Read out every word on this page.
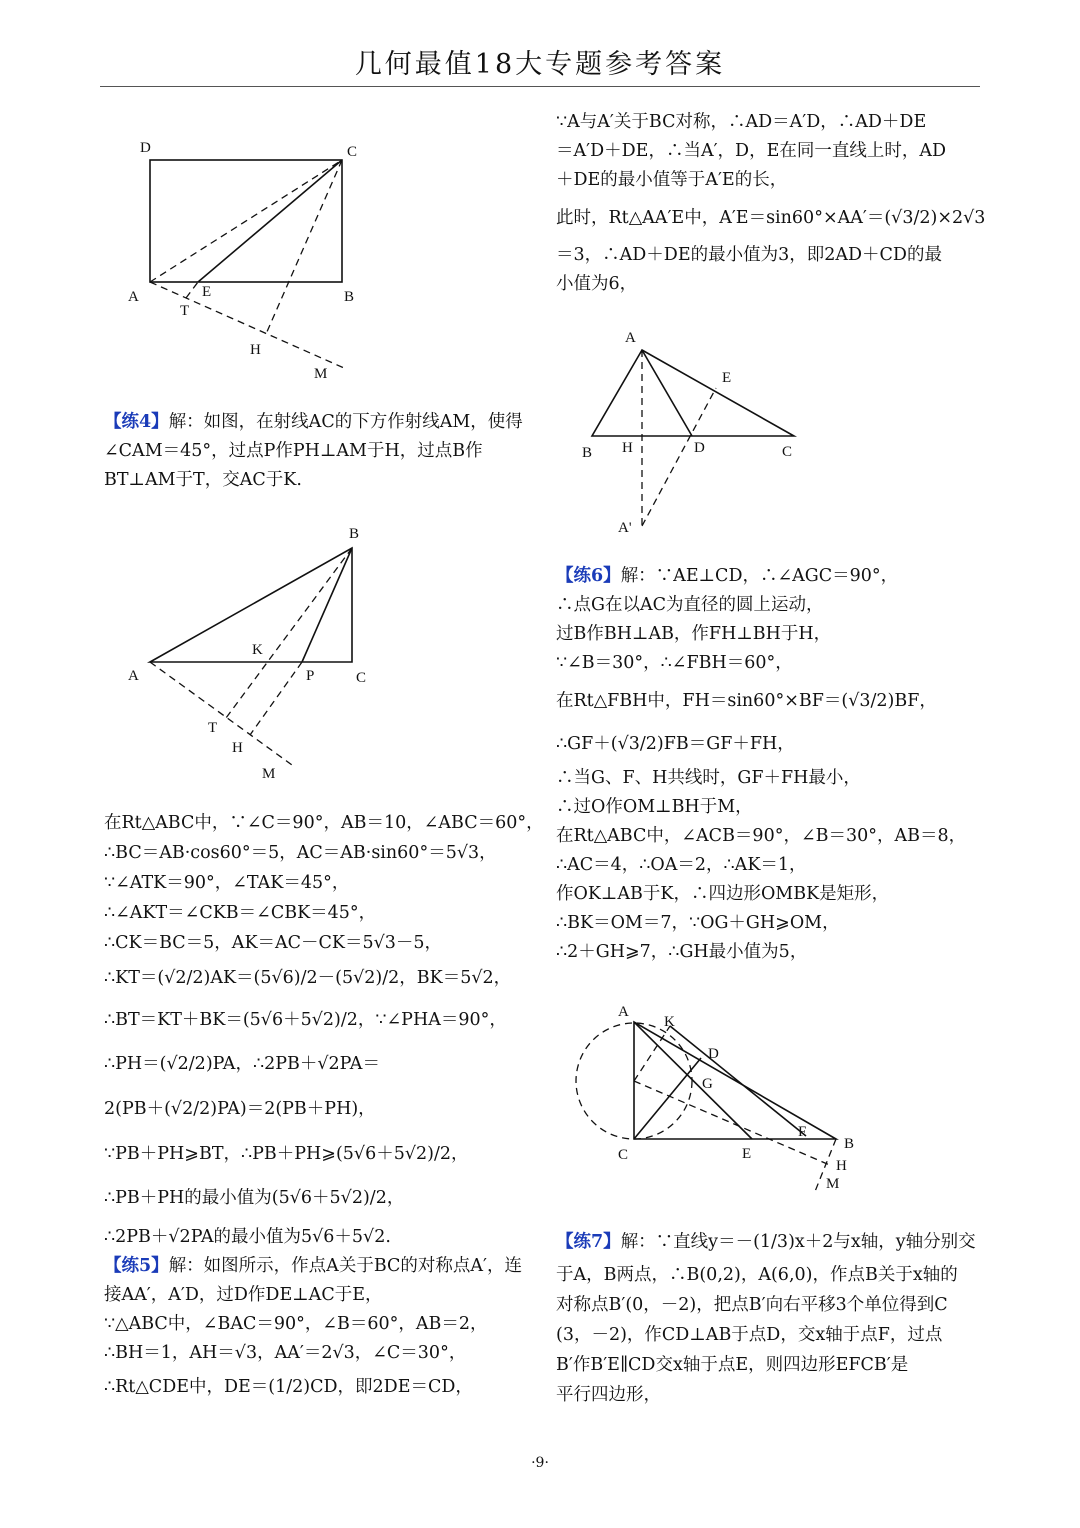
几何最值18大专题参考答案
D	C
A	E	B
T
H
M
【练4】解：如图，在射线AC的下方作射线AM，使得
∠CAM＝45°，过点P作PH⊥AM于H，过点B作
BT⊥AM于T，交AC于K.
B
K
A	P	C
T
H
M
在Rt△ABC中，∵∠C＝90°，AB＝10，∠ABC＝60°，
∴BC＝AB·cos60°＝5，AC＝AB·sin60°＝5√3，
∵∠ATK＝90°，∠TAK＝45°，
∴∠AKT＝∠CKB＝∠CBK＝45°，
∴CK＝BC＝5，AK＝AC－CK＝5√3－5，
∴KT＝(√2/2)AK＝(5√6)/2－(5√2)/2，BK＝5√2，
∴BT＝KT＋BK＝(5√6＋5√2)/2，∵∠PHA＝90°，
∴PH＝(√2/2)PA，∴2PB＋√2PA＝
2(PB＋(√2/2)PA)＝2(PB＋PH)，
∵PB＋PH⩾BT，∴PB＋PH⩾(5√6＋5√2)/2，
∴PB＋PH的最小值为(5√6＋5√2)/2，
∴2PB＋√2PA的最小值为5√6＋5√2.
【练5】解：如图所示，作点A关于BC的对称点A′，连
接AA′，A′D，过D作DE⊥AC于E，
∵△ABC中，∠BAC＝90°，∠B＝60°，AB＝2，
∴BH＝1，AH＝√3，AA′＝2√3，∠C＝30°，
∴Rt△CDE中，DE＝(1/2)CD，即2DE＝CD，
∵A与A′关于BC对称，∴AD＝A′D，∴AD＋DE
＝A′D＋DE，∴当A′，D，E在同一直线上时，AD
＋DE的最小值等于A′E的长，
此时，Rt△AA′E中，A′E＝sin60°×AA′＝(√3/2)×2√3
＝3，∴AD＋DE的最小值为3，即2AD＋CD的最
小值为6，
A
E
B H	D	C
A'
【练6】解：∵AE⊥CD，∴∠AGC＝90°，
∴点G在以AC为直径的圆上运动，
过B作BH⊥AB，作FH⊥BH于H，
∵∠B＝30°，∴∠FBH＝60°，
在Rt△FBH中，FH＝sin60°×BF＝(√3/2)BF，
∴GF＋(√3/2)FB＝GF＋FH，
∴当G、F、H共线时，GF＋FH最小，
∴过O作OM⊥BH于M，
在Rt△ABC中，∠ACB＝90°，∠B＝30°，AB＝8，
∴AC＝4，∴OA＝2，∴AK＝1，
作OK⊥AB于K，∴四边形OMBK是矩形，
∴BK＝OM＝7，∵OG＋GH⩾OM，
∴2＋GH⩾7，∴GH最小值为5，
A
K
D
G
F
B
C	E
H
M
【练7】解：∵直线y＝－(1/3)x＋2与x轴，y轴分别交
于A，B两点，∴B(0,2)，A(6,0)，作点B关于x轴的
对称点B′(0，－2)，把点B′向右平移3个单位得到C
(3，－2)，作CD⊥AB于点D，交x轴于点F，过点
B′作B′E∥CD交x轴于点E，则四边形EFCB′是
平行四边形，
·9·
